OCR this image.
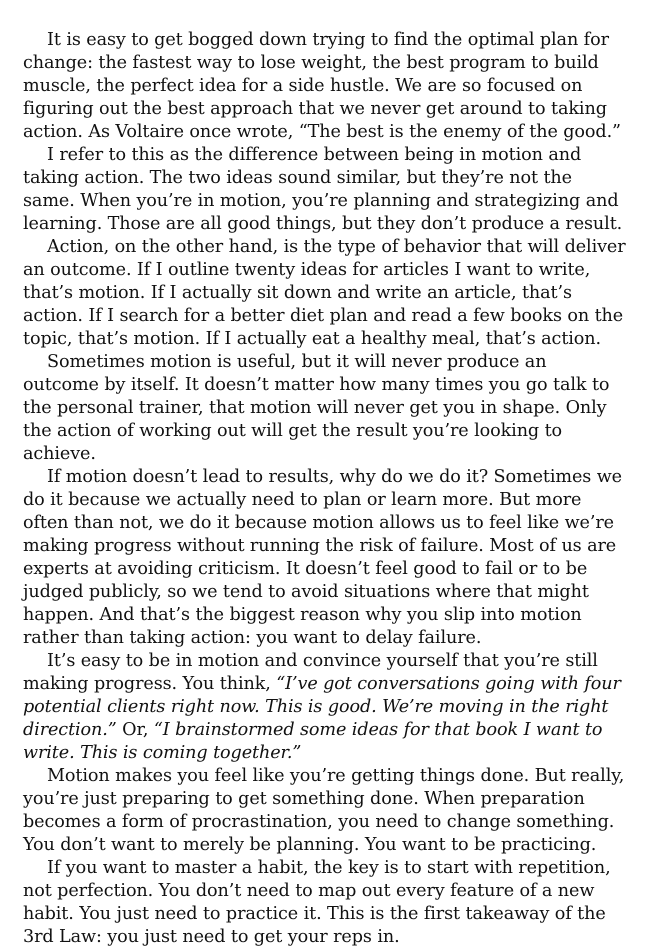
It is easy to get bogged down trying to find the optimal plan for change: the fastest way to lose weight, the best program to build muscle, the perfect idea for a side hustle. We are so focused on figuring out the best approach that we never get around to taking action. As Voltaire once wrote, “The best is the enemy of the good.”

I refer to this as the difference between being in motion and taking action. The two ideas sound similar, but they’re not the same. When you’re in motion, you’re planning and strategizing and learning. Those are all good things, but they don’t produce a result.

Action, on the other hand, is the type of behavior that will deliver an outcome. If I outline twenty ideas for articles I want to write, that’s motion. If I actually sit down and write an article, that’s action. If I search for a better diet plan and read a few books on the topic, that’s motion. If I actually eat a healthy meal, that’s action.

Sometimes motion is useful, but it will never produce an outcome by itself. It doesn’t matter how many times you go talk to the personal trainer, that motion will never get you in shape. Only the action of working out will get the result you’re looking to achieve.

If motion doesn’t lead to results, why do we do it? Sometimes we do it because we actually need to plan or learn more. But more often than not, we do it because motion allows us to feel like we’re making progress without running the risk of failure. Most of us are experts at avoiding criticism. It doesn’t feel good to fail or to be judged publicly, so we tend to avoid situations where that might happen. And that’s the biggest reason why you slip into motion rather than taking action: you want to delay failure.

It’s easy to be in motion and convince yourself that you’re still making progress. You think, “I’ve got conversations going with four potential clients right now. This is good. We’re moving in the right direction.” Or, “I brainstormed some ideas for that book I want to write. This is coming together.”

Motion makes you feel like you’re getting things done. But really, you’re just preparing to get something done. When preparation becomes a form of procrastination, you need to change something. You don’t want to merely be planning. You want to be practicing.

If you want to master a habit, the key is to start with repetition, not perfection. You don’t need to map out every feature of a new habit. You just need to practice it. This is the first takeaway of the 3rd Law: you just need to get your reps in.
